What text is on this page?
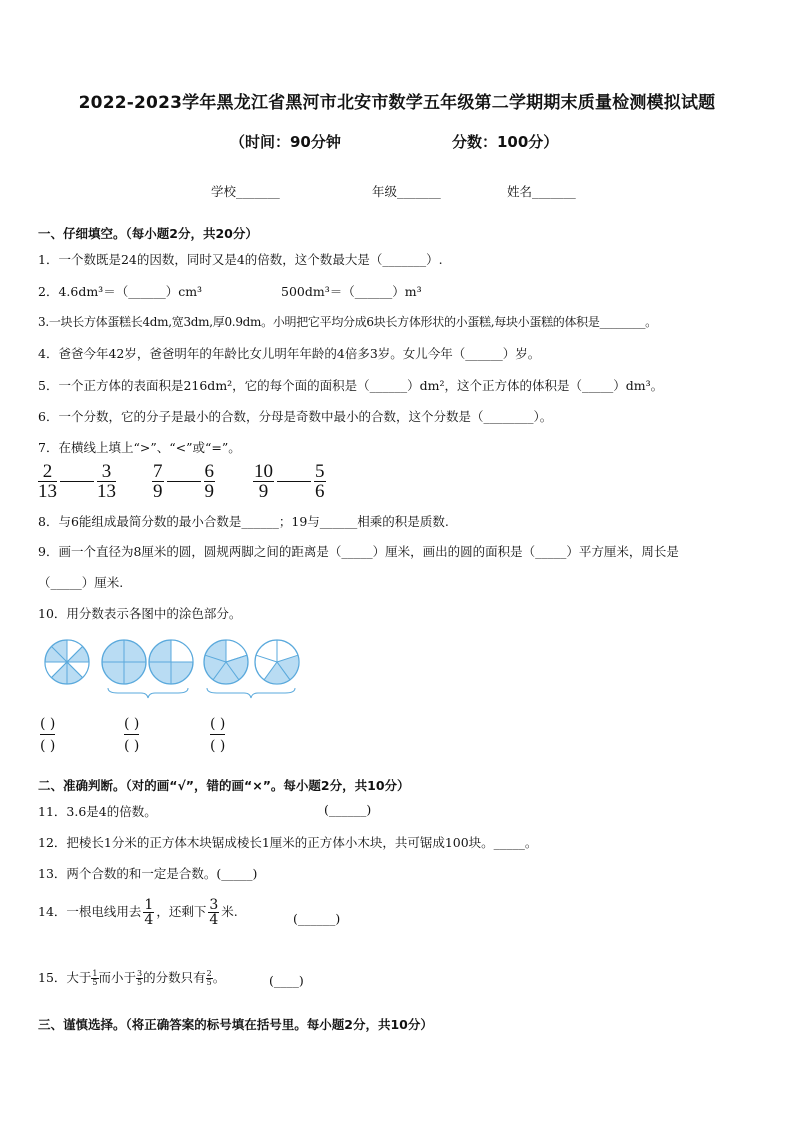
2022-2023学年黑龙江省黑河市北安市数学五年级第二学期期末质量检测模拟试题
（时间：90分钟	分数：100分）
学校_______	年级_______	姓名_______
一、仔细填空。（每小题2分，共20分）
1．一个数既是24的因数，同时又是4的倍数，这个数最大是（_______）.
2．4.6dm³＝（______）cm³	500dm³＝（______）m³
3.一块长方体蛋糕长4dm,宽3dm,厚0.9dm。小明把它平均分成6块长方体形状的小蛋糕,每块小蛋糕的体积是________。
4．爸爸今年42岁，爸爸明年的年龄比女儿明年年龄的4倍多3岁。女儿今年（______）岁。
5．一个正方体的表面积是216dm²，它的每个面的面积是（______）dm²，这个正方体的体积是（_____）dm³。
6．一个分数，它的分子是最小的合数，分母是奇数中最小的合数，这个分数是（________）。
7．在横线上填上“>”、“<”或“=”。
$\frac{2}{13} \frac{3}{13} \frac{7}{9} \frac{6}{9} \frac{10}{9} \frac{5}{6}$
8．与6能组成最简分数的最小合数是______；19与______相乘的积是质数.
9．画一个直径为8厘米的圆，圆规两脚之间的距离是（_____）厘米，画出的圆的面积是（_____）平方厘米，周长是
（_____）厘米.
10．用分数表示各图中的涂色部分。
( )
( )
( )
( )
( )
( )
二、准确判断。（对的画“√”，错的画“×”。每小题2分，共10分）
11．3.6是4的倍数。	(______)
12．把棱长1分米的正方体木块锯成棱长1厘米的正方体小木块，共可锯成100块。_____。
13．两个合数的和一定是合数。(_____)
14．一根电线用去 $\frac{1}{4}$ ，还剩下 $\frac{3}{4}$ 米.	(______)
15．大于 $\frac{1}{5}$ 而小于 $\frac{3}{5}$ 的分数只有 $\frac{2}{5}$ 。	(____)
三、谨慎选择。（将正确答案的标号填在括号里。每小题2分，共10分）
